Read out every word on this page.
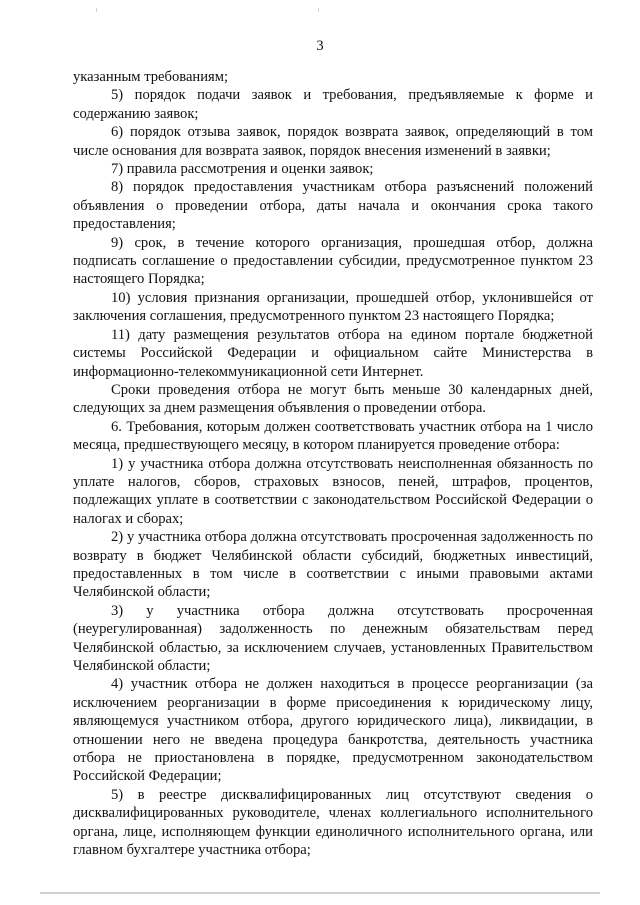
3

указанным требованиям;

5) порядок подачи заявок и требования, предъявляемые к форме и содержанию заявок;

6) порядок отзыва заявок, порядок возврата заявок, определяющий в том числе основания для возврата заявок, порядок внесения изменений в заявки;

7) правила рассмотрения и оценки заявок;

8) порядок предоставления участникам отбора разъяснений положений объявления о проведении отбора, даты начала и окончания срока такого предоставления;

9) срок, в течение которого организация, прошедшая отбор, должна подписать соглашение о предоставлении субсидии, предусмотренное пунктом 23 настоящего Порядка;

10) условия признания организации, прошедшей отбор, уклонившейся от заключения соглашения, предусмотренного пунктом 23 настоящего Порядка;

11) дату размещения результатов отбора на едином портале бюджетной системы Российской Федерации и официальном сайте Министерства в информационно-телекоммуникационной сети Интернет.

Сроки проведения отбора не могут быть меньше 30 календарных дней, следующих за днем размещения объявления о проведении отбора.

6. Требования, которым должен соответствовать участник отбора на 1 число месяца, предшествующего месяцу, в котором планируется проведение отбора:

1) у участника отбора должна отсутствовать неисполненная обязанность по уплате налогов, сборов, страховых взносов, пеней, штрафов, процентов, подлежащих уплате в соответствии с законодательством Российской Федерации о налогах и сборах;

2) у участника отбора должна отсутствовать просроченная задолженность по возврату в бюджет Челябинской области субсидий, бюджетных инвестиций, предоставленных в том числе в соответствии с иными правовыми актами Челябинской области;

3) у участника отбора должна отсутствовать просроченная (неурегулированная) задолженность по денежным обязательствам перед Челябинской областью, за исключением случаев, установленных Правительством Челябинской области;

4) участник отбора не должен находиться в процессе реорганизации (за исключением реорганизации в форме присоединения к юридическому лицу, являющемуся участником отбора, другого юридического лица), ликвидации, в отношении него не введена процедура банкротства, деятельность участника отбора не приостановлена в порядке, предусмотренном законодательством Российской Федерации;

5) в реестре дисквалифицированных лиц отсутствуют сведения о дисквалифицированных руководителе, членах коллегиального исполнительного органа, лице, исполняющем функции единоличного исполнительного органа, или главном бухгалтере участника отбора;
